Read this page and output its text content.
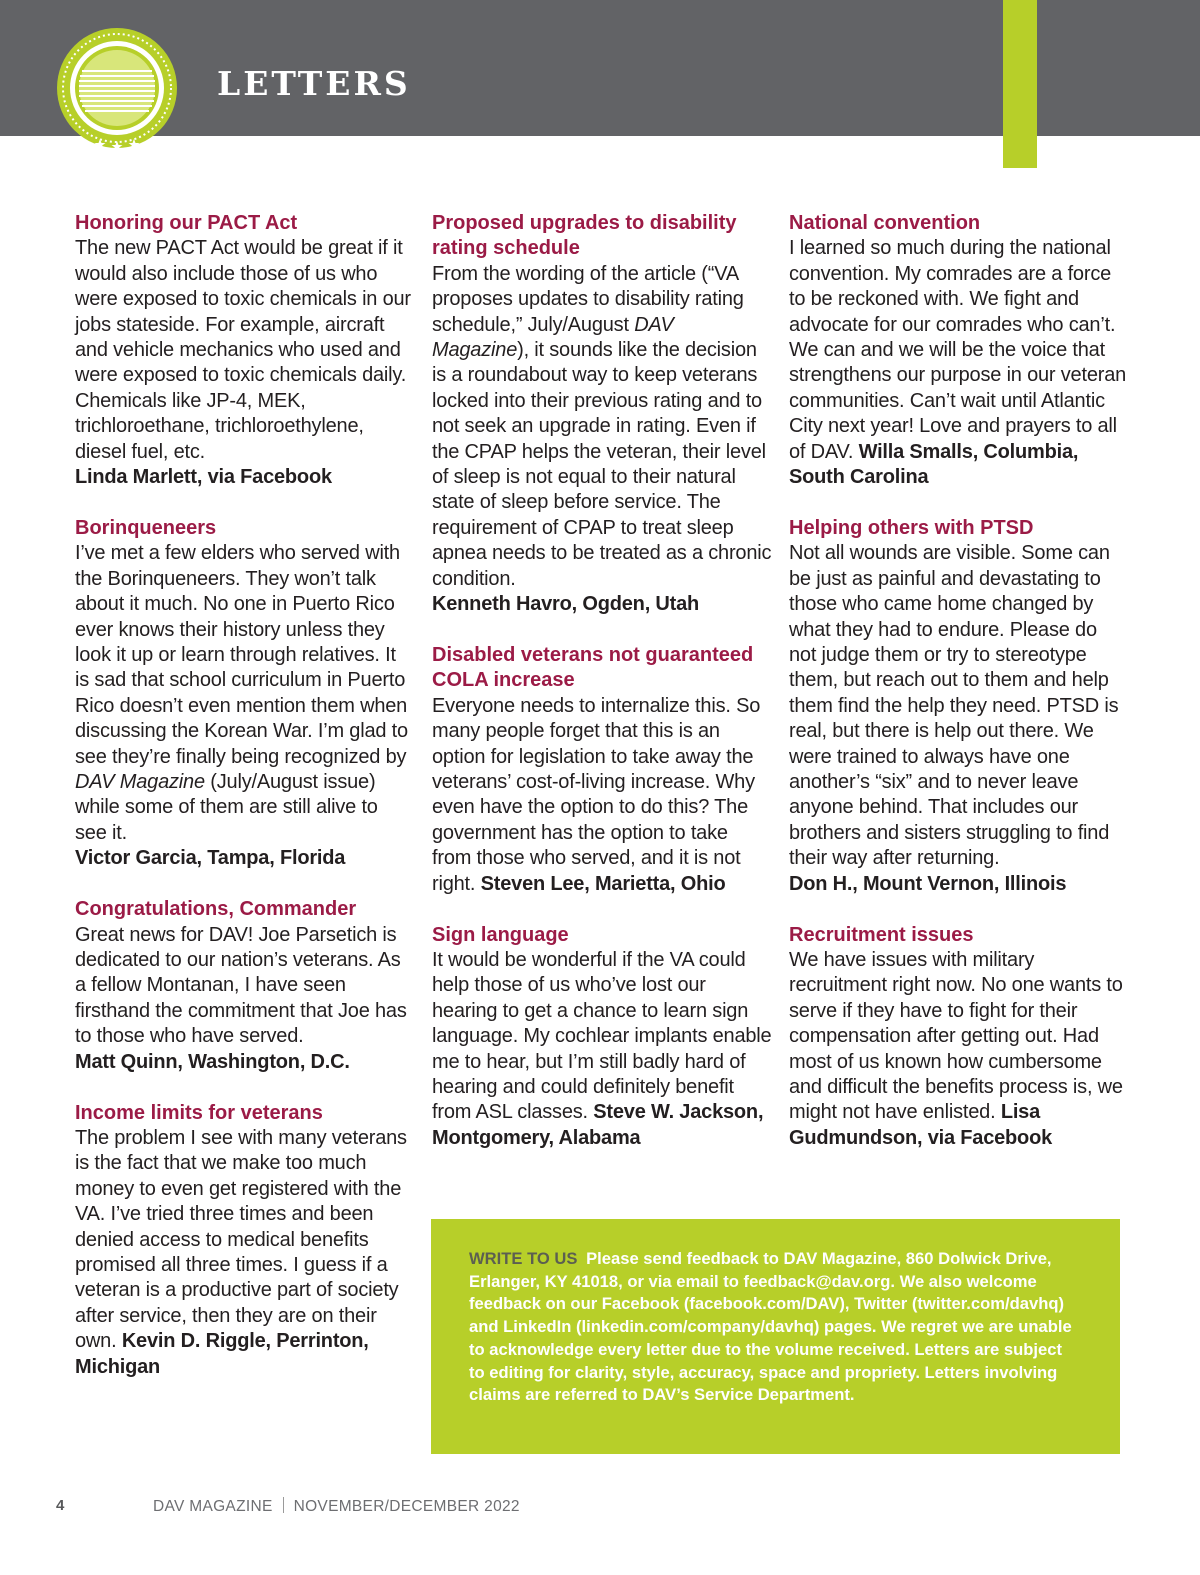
LETTERS
Honoring our PACT Act

The new PACT Act would be great if it would also include those of us who were exposed to toxic chemicals in our jobs stateside. For example, aircraft and vehicle mechanics who used and were exposed to toxic chemicals daily. Chemicals like JP-4, MEK, trichloroethane, trichloroethylene, diesel fuel, etc.
Linda Marlett, via Facebook

Borinqueneers

I’ve met a few elders who served with the Borinqueneers. They won’t talk about it much. No one in Puerto Rico ever knows their history unless they look it up or learn through relatives. It is sad that school curriculum in Puerto Rico doesn’t even mention them when discussing the Korean War. I’m glad to see they’re finally being recognized by DAV Magazine (July/August issue) while some of them are still alive to see it.
Victor Garcia, Tampa, Florida

Congratulations, Commander

Great news for DAV! Joe Parsetich is dedicated to our nation’s veterans. As a fellow Montanan, I have seen firsthand the commitment that Joe has to those who have served.
Matt Quinn, Washington, D.C.

Income limits for veterans

The problem I see with many veterans is the fact that we make too much money to even get registered with the VA. I’ve tried three times and been denied access to medical benefits promised all three times. I guess if a veteran is a productive part of society after service, then they are on their own. Kevin D. Riggle, Perrinton, Michigan

Proposed upgrades to disability rating schedule

From the wording of the article (“VA proposes updates to disability rating schedule,” July/August DAV Magazine), it sounds like the decision is a roundabout way to keep veterans locked into their previous rating and to not seek an upgrade in rating. Even if the CPAP helps the veteran, their level of sleep is not equal to their natural state of sleep before service. The requirement of CPAP to treat sleep apnea needs to be treated as a chronic condition.
Kenneth Havro, Ogden, Utah

Disabled veterans not guaranteed COLA increase

Everyone needs to internalize this. So many people forget that this is an option for legislation to take away the veterans’ cost-of-living increase. Why even have the option to do this? The government has the option to take from those who served, and it is not right. Steven Lee, Marietta, Ohio

Sign language

It would be wonderful if the VA could help those of us who’ve lost our hearing to get a chance to learn sign language. My cochlear implants enable me to hear, but I’m still badly hard of hearing and could definitely benefit from ASL classes. Steve W. Jackson, Montgomery, Alabama

National convention

I learned so much during the national convention. My comrades are a force to be reckoned with. We fight and advocate for our comrades who can’t. We can and we will be the voice that strengthens our purpose in our veteran communities. Can’t wait until Atlantic City next year! Love and prayers to all of DAV. Willa Smalls, Columbia, South Carolina

Helping others with PTSD

Not all wounds are visible. Some can be just as painful and devastating to those who came home changed by what they had to endure. Please do not judge them or try to stereotype them, but reach out to them and help them find the help they need. PTSD is real, but there is help out there. We were trained to always have one another’s “six” and to never leave anyone behind. That includes our brothers and sisters struggling to find their way after returning.
Don H., Mount Vernon, Illinois

Recruitment issues

We have issues with military recruitment right now. No one wants to serve if they have to fight for their compensation after getting out. Had most of us known how cumbersome and difficult the benefits process is, we might not have enlisted. Lisa Gudmundson, via Facebook

WRITE TO US Please send feedback to DAV Magazine, 860 Dolwick Drive, Erlanger, KY 41018, or via email to feedback@dav.org. We also welcome feedback on our Facebook (facebook.com/DAV), Twitter (twitter.com/davhq) and LinkedIn (linkedin.com/company/davhq) pages. We regret we are unable to acknowledge every letter due to the volume received. Letters are subject to editing for clarity, style, accuracy, space and propriety. Letters involving claims are referred to DAV’s Service Department.
4	DAV MAGAZINE NOVEMBER/DECEMBER 2022
